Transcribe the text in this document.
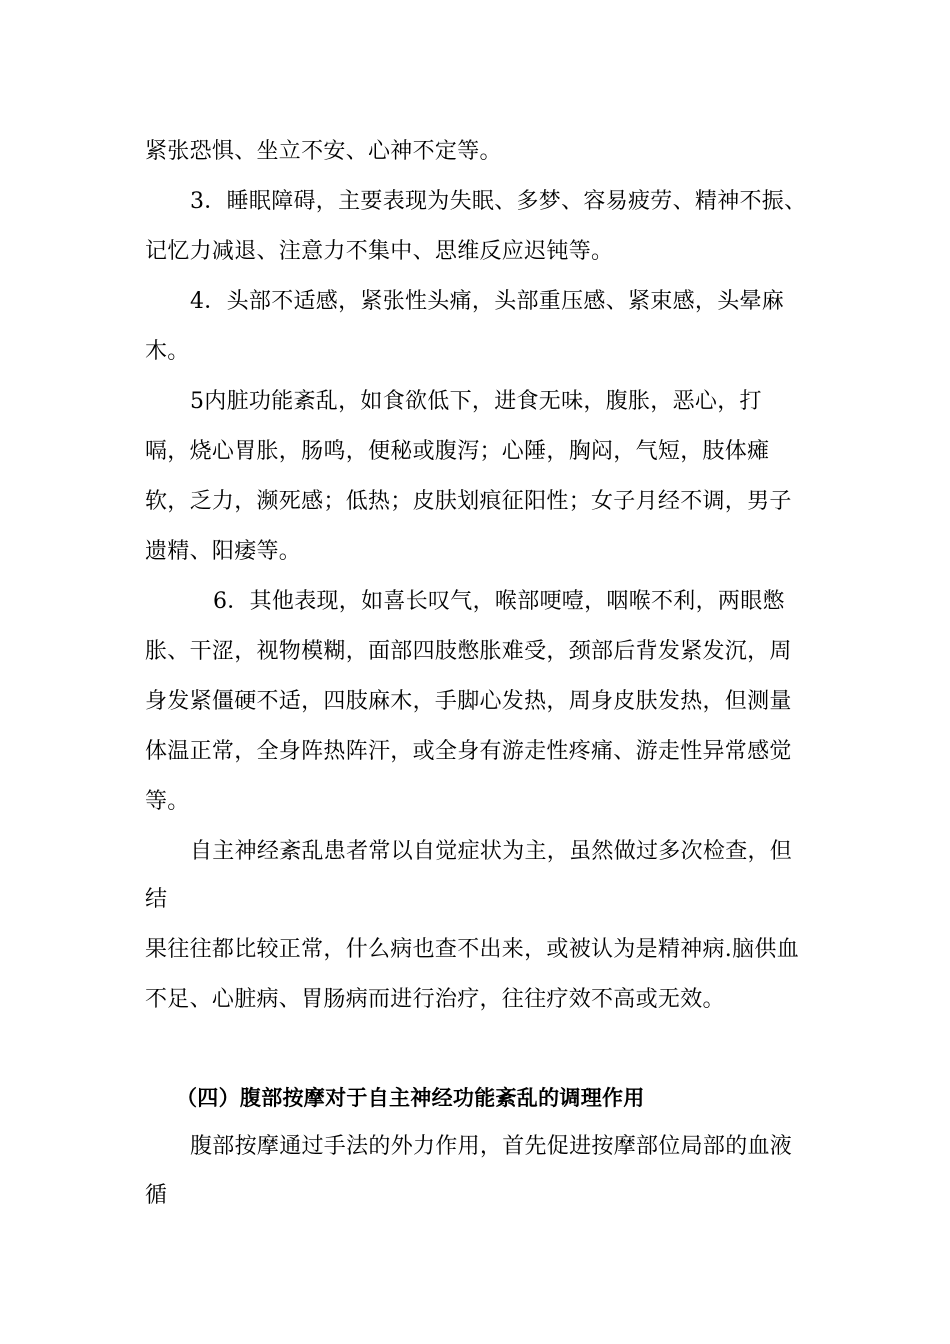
紧张恐惧、坐立不安、心神不定等。
3．睡眠障碍，主要表现为失眠、多梦、容易疲劳、精神不振、
记忆力减退、注意力不集中、思维反应迟钝等。
4．头部不适感，紧张性头痛，头部重压感、紧束感，头晕麻
木。
5内脏功能紊乱，如食欲低下，进食无味，腹胀，恶心，打
嗝，烧心胃胀，肠鸣，便秘或腹泻；心陲，胸闷，气短，肢体瘫
软，乏力，濒死感；低热；皮肤划痕征阳性；女子月经不调，男子
遗精、阳痿等。
6．其他表现，如喜长叹气，喉部哽噎，咽喉不利，两眼憋
胀、干涩，视物模糊，面部四肢憋胀难受，颈部后背发紧发沉，周
身发紧僵硬不适，四肢麻木，手脚心发热，周身皮肤发热，但测量
体温正常，全身阵热阵汗，或全身有游走性疼痛、游走性异常感觉
等。
自主神经紊乱患者常以自觉症状为主，虽然做过多次检查，但
结
果往往都比较正常，什么病也查不出来，或被认为是精神病.脑供血
不足、心脏病、胃肠病而进行治疗，往往疗效不高或无效。
（四）腹部按摩对于自主神经功能紊乱的调理作用
腹部按摩通过手法的外力作用，首先促进按摩部位局部的血液
循
